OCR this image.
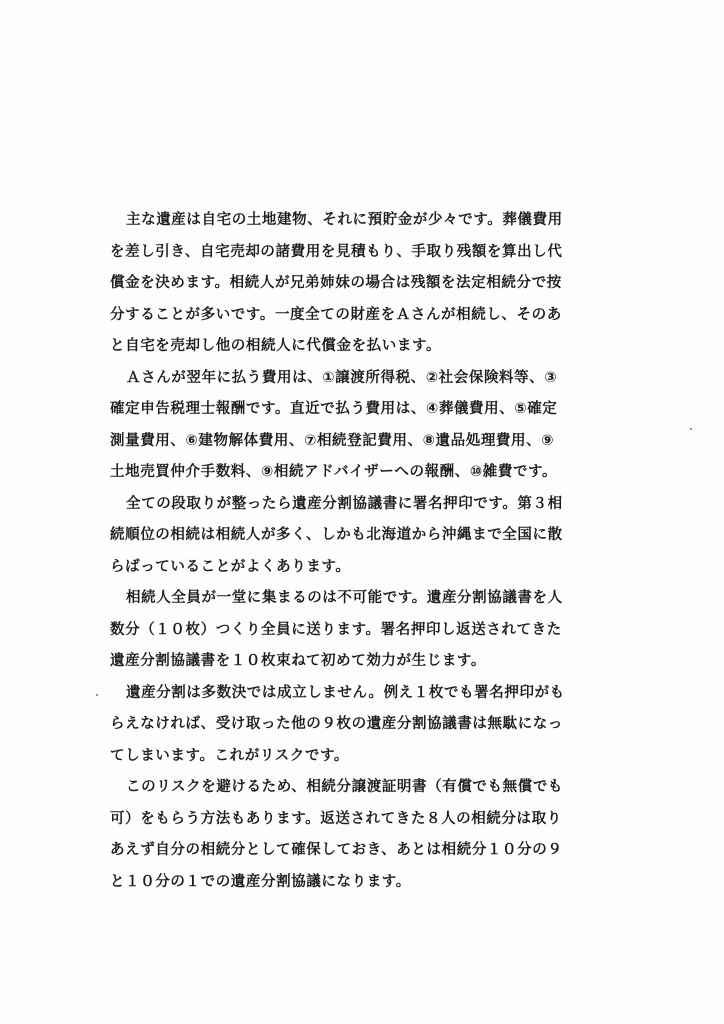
主な遺産は自宅の土地建物、それに預貯金が少々です。葬儀費用
を差し引き、自宅売却の諸費用を見積もり、手取り残額を算出し代
償金を決めます。相続人が兄弟姉妹の場合は残額を法定相続分で按
分することが多いです。一度全ての財産をＡさんが相続し、そのあ
と自宅を売却し他の相続人に代償金を払います。
Ａさんが翌年に払う費用は、①譲渡所得税、②社会保険料等、③
確定申告税理士報酬です。直近で払う費用は、④葬儀費用、⑤確定
測量費用、⑥建物解体費用、⑦相続登記費用、⑧遺品処理費用、⑨
土地売買仲介手数料、⑨相続アドバイザーへの報酬、⑩雑費です。
全ての段取りが整ったら遺産分割協議書に署名押印です。第３相
続順位の相続は相続人が多く、しかも北海道から沖縄まで全国に散
らばっていることがよくあります。
相続人全員が一堂に集まるのは不可能です。遺産分割協議書を人
数分（１０枚）つくり全員に送ります。署名押印し返送されてきた
遺産分割協議書を１０枚束ねて初めて効力が生じます。
遺産分割は多数決では成立しません。例え１枚でも署名押印がも
らえなければ、受け取った他の９枚の遺産分割協議書は無駄になっ
てしまいます。これがリスクです。
このリスクを避けるため、相続分譲渡証明書（有償でも無償でも
可）をもらう方法もあります。返送されてきた８人の相続分は取り
あえず自分の相続分として確保しておき、あとは相続分１０分の９
と１０分の１での遺産分割協議になります。
